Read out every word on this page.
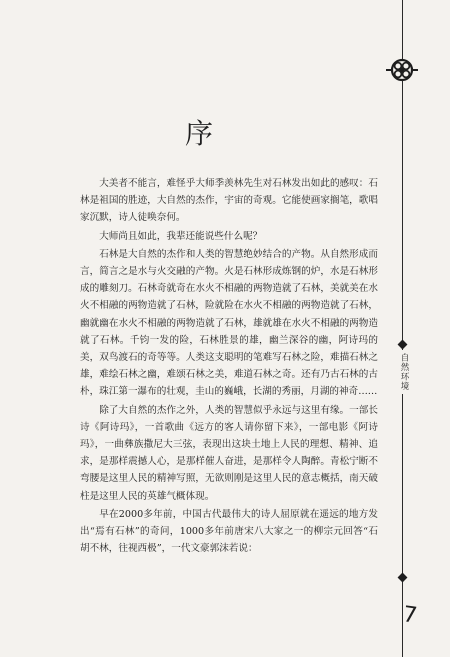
自然环境
序

大美者不能言，难怪乎大师季羡林先生对石林发出如此的感叹：石林是祖国的胜迹，大自然的杰作，宇宙的奇观。它能使画家搁笔，歌唱家沉默，诗人徒唤奈何。

大师尚且如此，我辈还能说些什么呢？

石林是大自然的杰作和人类的智慧绝妙结合的产物。从自然形成而言，简言之是水与火交融的产物。火是石林形成炼钢的炉，水是石林形成的雕刻刀。石林奇就奇在水火不相融的两物造就了石林，美就美在水火不相融的两物造就了石林，险就险在水火不相融的两物造就了石林，幽就幽在水火不相融的两物造就了石林，雄就雄在水火不相融的两物造就了石林。千钧一发的险，石林胜景的雄，幽兰深谷的幽，阿诗玛的美，双鸟渡石的奇等等。人类这支聪明的笔难写石林之险，难描石林之雄，难绘石林之幽，难颂石林之美，难道石林之奇。还有乃古石林的古朴，珠江第一瀑布的壮观，圭山的巍峨，长湖的秀丽，月湖的神奇……

除了大自然的杰作之外，人类的智慧似乎永远与这里有缘。一部长诗《阿诗玛》，一首歌曲《远方的客人请你留下来》，一部电影《阿诗玛》，一曲彝族撒尼大三弦，表现出这块土地上人民的理想、精神、追求，是那样震撼人心，是那样催人奋进，是那样令人陶醉。青松宁断不弯腰是这里人民的精神写照，无欲则刚是这里人民的意志概括，南天破柱是这里人民的英雄气概体现。

早在2000多年前，中国古代最伟大的诗人屈原就在遥远的地方发出“焉有石林”的奇问，1000多年前唐宋八大家之一的柳宗元回答“石胡不林，往视西极”，一代文豪郭沫若说：

7
